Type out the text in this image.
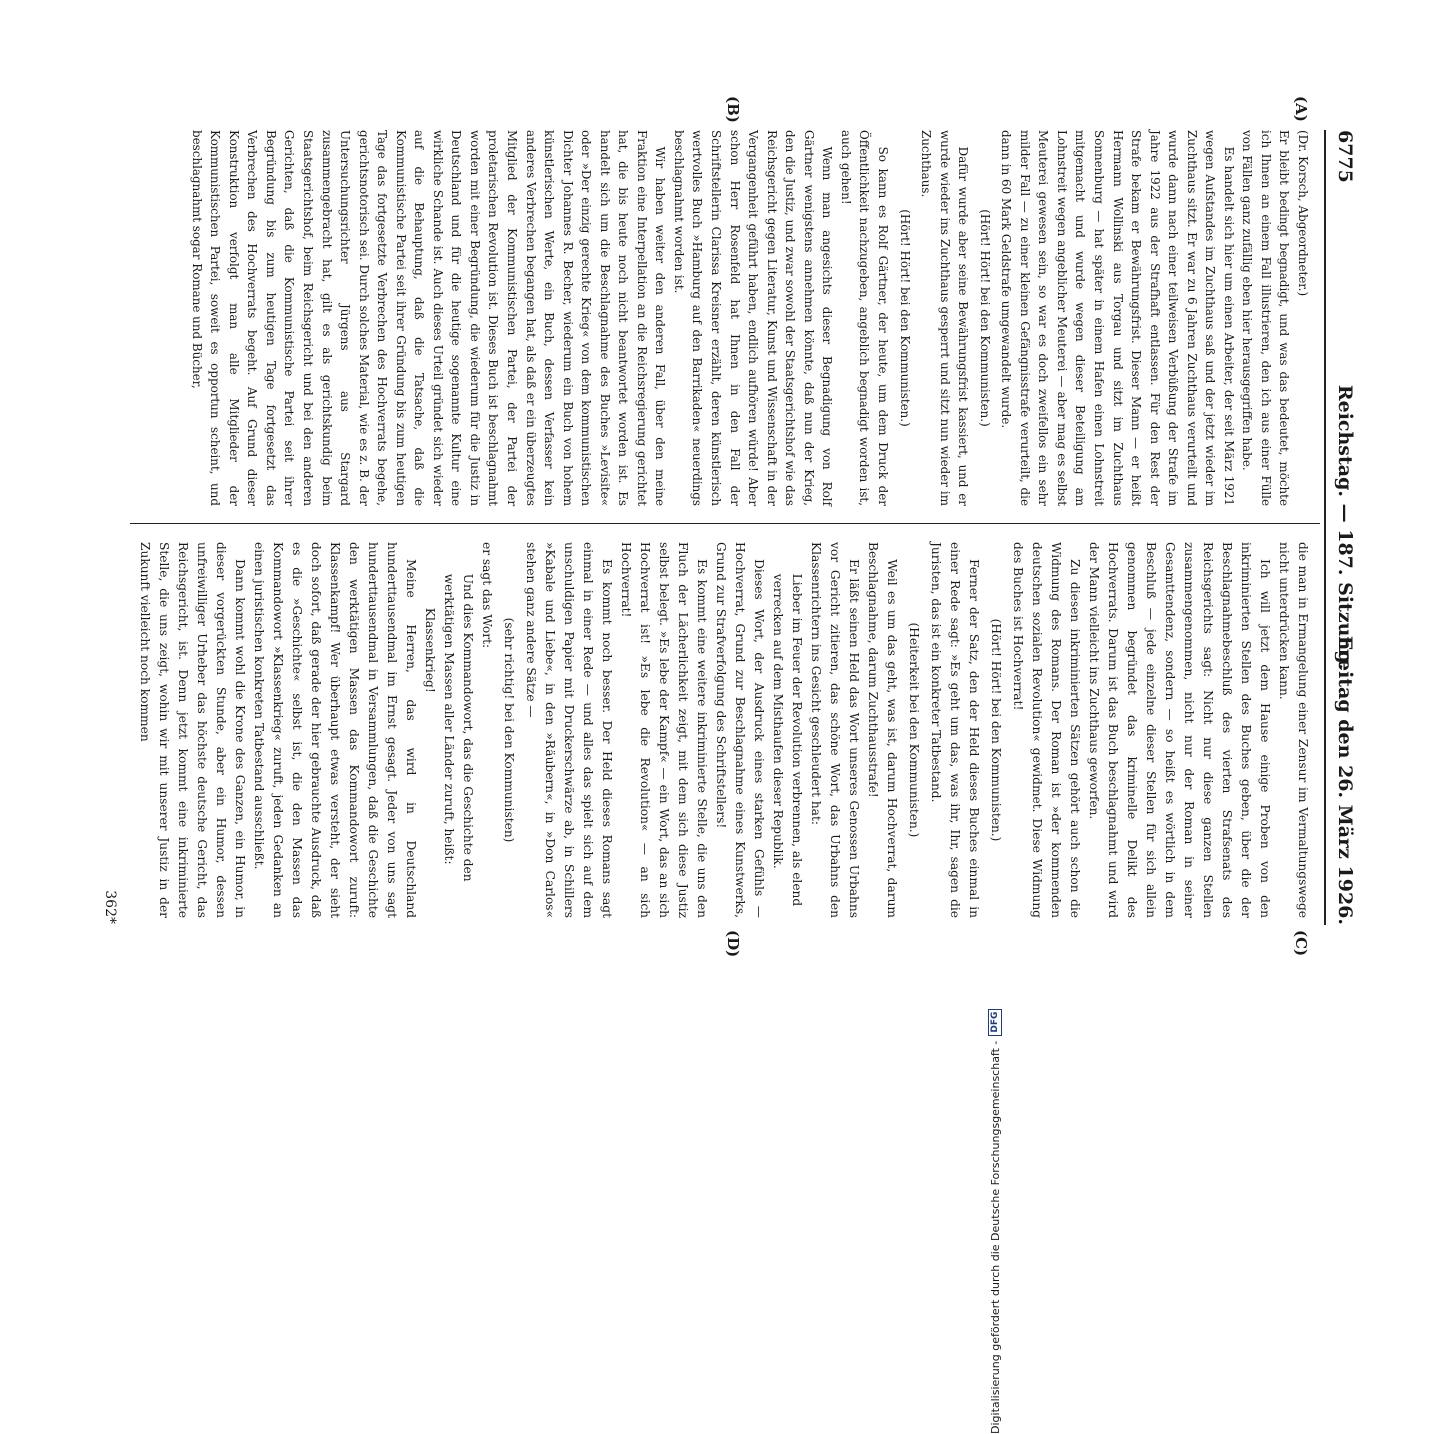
6775
Reichstag. — 187. Sitzung.
Freitag den 26. März 1926.
(A)
(B)
(C)
(D)

(Dr. Korsch, Abgeordneter.)

Er bleibt bedingt begnadigt, und was das bedeutet, möchte ich Ihnen an einem Fall illustrieren, den ich aus einer Fülle von Fällen ganz zufällig eben hier herausgegriffen habe.

Es handelt sich hier um einen Arbeiter, der seit März 1921 wegen Aufstandes im Zuchthaus saß und der jetzt wieder im Zuchthaus sitzt. Er war zu 6 Jahren Zuchthaus verurteilt und wurde dann nach einer teilweisen Verbüßung der Strafe im Jahre 1922 aus der Strafhaft entlassen. Für den Rest der Strafe bekam er Bewährungsfrist. Dieser Mann — er heißt Hermann Wollinski aus Torgau und sitzt im Zuchthaus Sonnenburg — hat später in einem Hafen einen Lohnstreit mitgemacht und wurde wegen dieser Beteiligung am Lohnstreit wegen angeblicher Meuterei — aber mag es selbst Meuterei gewesen sein, so war es doch zweifellos ein sehr milder Fall — zu einer kleinen Gefängnisstrafe verurteilt, die dann in 60 Mark Geldstrafe umgewandelt wurde.

(Hört! Hört! bei den Kommunisten.)

Dafür wurde aber seine Bewährungsfrist kassiert, und er wurde wieder ins Zuchthaus gesperrt und sitzt nun wieder im Zuchthaus.

(Hört! Hört! bei den Kommunisten.)

So kann es Rolf Gärtner, der heute, um dem Druck der Öffentlichkeit nachzugeben, angeblich begnadigt worden ist, auch gehen!

Wenn man angesichts dieser Begnadigung von Rolf Gärtner wenigstens annehmen könnte, daß nun der Krieg, den die Justiz, und zwar sowohl der Staatsgerichtshof wie das Reichsgericht gegen Literatur, Kunst und Wissenschaft in der Vergangenheit geführt haben, endlich aufhören würde! Aber schon Herr Rosenfeld hat Ihnen in den Fall der Schriftstellerin Clarissa Kreisner erzählt, deren künstlerisch wertvolles Buch »Hamburg auf den Barrikaden« neuerdings beschlagnahmt worden ist.

Wir haben weiter den anderen Fall, über den meine Fraktion eine Interpellation an die Reichsregierung gerichtet hat, die bis heute noch nicht beantwortet worden ist. Es handelt sich um die Beschlagnahme des Buches »Levisite« oder »Der einzig gerechte Krieg« von dem kommunistischen Dichter Johannes R. Becher, wiederum ein Buch von hohem künstlerischen Werte, ein Buch, dessen Verfasser kein anderes Verbrechen begangen hat, als daß er ein überzeugtes Mitglied der Kommunistischen Partei, der Partei der proletarischen Revolution ist. Dieses Buch ist beschlagnahmt worden mit einer Begründung, die wiederum für die Justiz in Deutschland und für die heutige sogenannte Kultur eine wirkliche Schande ist. Auch dieses Urteil gründet sich wieder auf die Behauptung, daß die Tatsache, daß die Kommunistische Partei seit ihrer Gründung bis zum heutigen Tage das fortgesetzte Verbrechen des Hochverrats begehe, gerichtsnotorisch sei. Durch solches Material, wie es z. B. der Untersuchungsrichter Jürgens aus Stargard zusammengebracht hat, gilt es als gerichtskundig beim Staatsgerichtshof, beim Reichsgericht und bei den anderen Gerichten, daß die Kommunistische Partei seit ihrer Begründung bis zum heutigen Tage fortgesetzt das Verbrechen des Hochverrats begeht. Auf Grund dieser Konstruktion verfolgt man alle Mitglieder der Kommunistischen Partei, soweit es opportun scheint, und beschlagnahmt sogar Romane und Bücher,

die man in Ermangelung einer Zensur im Vermaltungswege nicht unterdrücken kann.

Ich will jetzt dem Hause einige Proben von den inkriminierten Stellen des Buches geben, über die der Beschlagnahmebeschluß des vierten Strafsenats des Reichsgerichts sagt: Nicht nur diese ganzen Stellen zusammengenommen, nicht nur der Roman in seiner Gesamttendenz, sondern — so heißt es wörtlich in dem Beschluß — jede einzelne dieser Stellen für sich allein genommen begründet das kriminelle Delikt des Hochverrats. Darum ist das Buch beschlagnahmt und wird der Mann vielleicht ins Zuchthaus geworfen.

Zu diesen inkriminierten Sätzen gehört auch schon die Widmung des Romans. Der Roman ist »der kommenden deutschen sozialen Revolution« gewidmet. Diese Widmung des Buches ist Hochverrat!

(Hört! Hört! bei den Kommunisten.)

Ferner der Satz, den der Held dieses Buches einmal in einer Rede sagt: »Es geht um das, was ihr, Ihr, sagen die Juristen, das ist ein konkreter Tatbestand.

(Heiterkeit bei den Kommunisten.)

Weil es um das geht, was ist, darum Hochverrat, darum Beschlagnahme, darum Zuchthausstrafe!

Er läßt seinen Held das Wort unseres Genossen Urbahns vor Gericht zitieren, das schöne Wort, das Urbahns den Klassenrichtern ins Gesicht geschleudert hat:

Lieber im Feuer der Revolution verbrennen, als elend verrecken auf dem Misthaufen dieser Republik.

Dieses Wort, der Ausdruck eines starken Gefühls — Hochverrat, Grund zur Beschlagnahme eines Kunstwerks, Grund zur Strafverfolgung des Schriftstellers!

Es kommt eine weitere inkriminierte Stelle, die uns den Fluch der Lächerlichkeit zeigt, mit dem sich diese Justiz selbst belegt. »Es lebe der Kampf« — ein Wort, das an sich Hochverrat ist! »Es lebe die Revolution« — an sich Hochverrat!

Es kommt noch besser. Der Held dieses Romans sagt einmal in einer Rede — und alles das spielt sich auf dem unschuldigen Papier mit Druckerschwärze ab, in Schillers »Kabale und Liebe«, in den »Räubern«, in »Don Carlos« stehen ganz andere Sätze —

(sehr richtig! bei den Kommunisten)

er sagt das Wort:

Und dies Kommandowort, das die Geschichte den werktätigen Massen aller Länder zuruft, heißt:

Klassenkrieg!

Meine Herren, das wird in Deutschland hunderttausendmal im Ernst gesagt. Jeder von uns sagt hunderttausendmal in Versammlungen, daß die Geschichte den werktätigen Massen das Kommandowort zuruft: Klassenkampf! Wer überhaupt etwas versteht, der sieht doch sofort, daß gerade der hier gebrauchte Ausdruck, daß es die »Geschichte« selbst ist, die den Massen das Kommandowort »Klassenkrieg« zuruft, jeden Gedanken an einen juristischen konkreten Tatbestand ausschließt.

Dann kommt wohl die Krone des Ganzen, ein Humor, in dieser vorgerückten Stunde, aber ein Humor, dessen unfreiwilliger Urheber das höchste deutsche Gericht, das Reichsgericht, ist. Denn jetzt kommt eine inkriminierte Stelle, die uns zeigt, wohin wir mit unserer Justiz in der Zukunft vielleicht noch kommen

362*
Digitalisierung gefördert durch die Deutsche Forschungsgemeinschaft -
DFG
